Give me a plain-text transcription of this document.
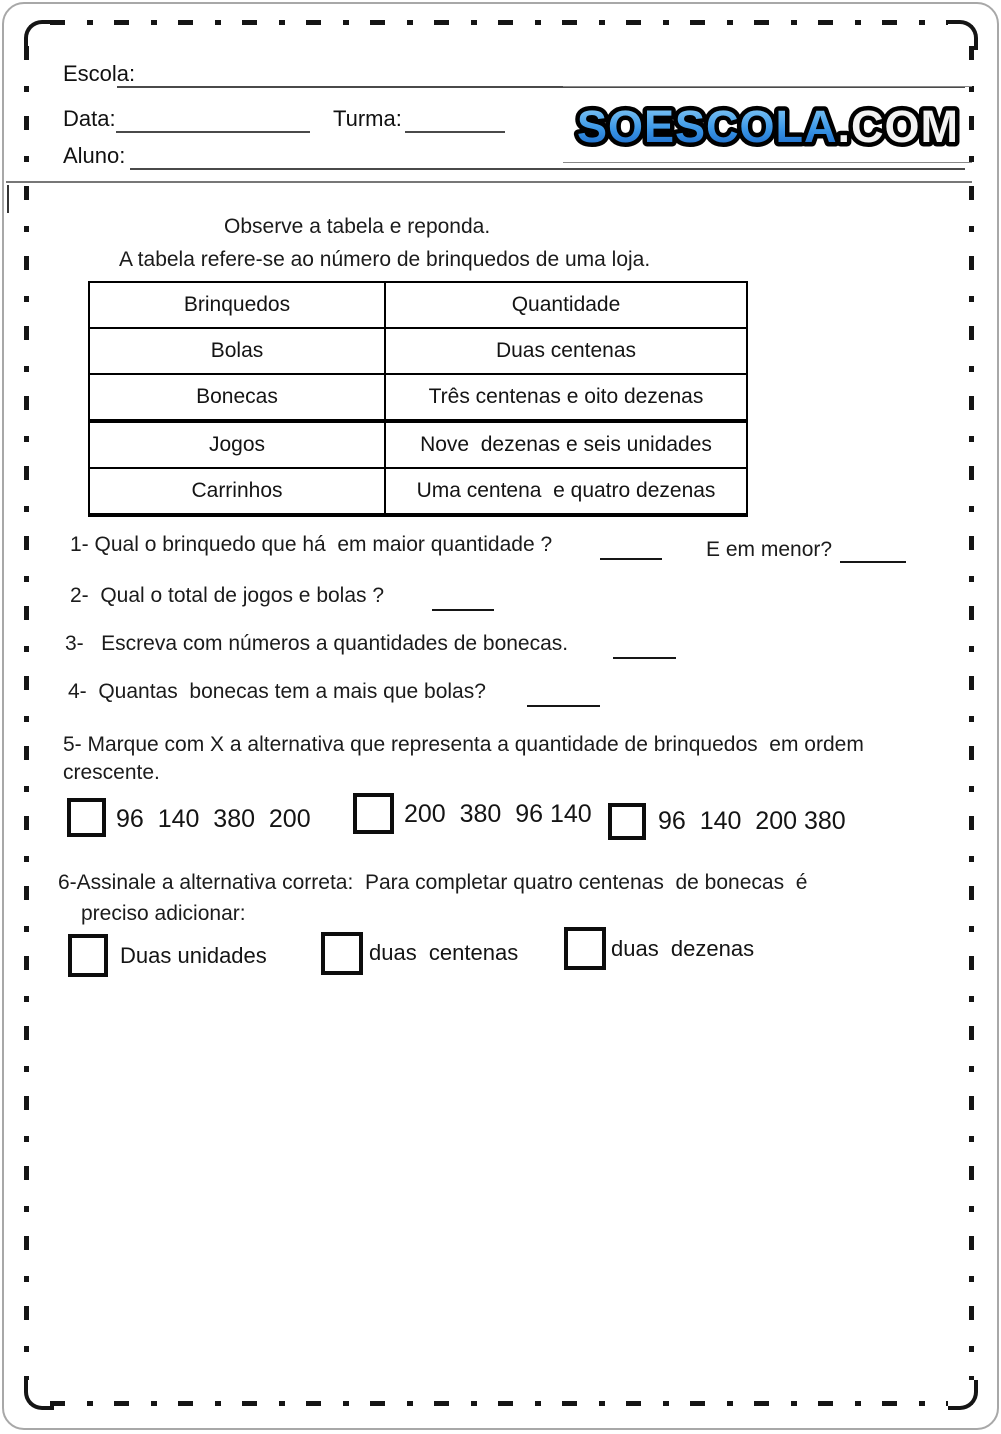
Escola:
Data:	Turma:
Aluno:
SOESCOLA.COM
Observe a tabela e reponda.
A tabela refere-se ao número de brinquedos de uma loja.
Brinquedos	Quantidade
Bolas	Duas centenas
Bonecas	Três centenas e oito dezenas
Jogos	Nove  dezenas e seis unidades
Carrinhos	Uma centena  e quatro dezenas
1- Qual o brinquedo que há  em maior quantidade ?	E em menor?
2-  Qual o total de jogos e bolas ?
3-   Escreva com números a quantidades de bonecas.
4-  Quantas  bonecas tem a mais que bolas?
5- Marque com X a alternativa que representa a quantidade de brinquedos  em ordem
crescente.
96  140  380  200	200  380  96 140	96  140  200 380
6-Assinale a alternativa correta:  Para completar quatro centenas  de bonecas  é
preciso adicionar:
Duas unidades	duas  centenas	duas  dezenas
